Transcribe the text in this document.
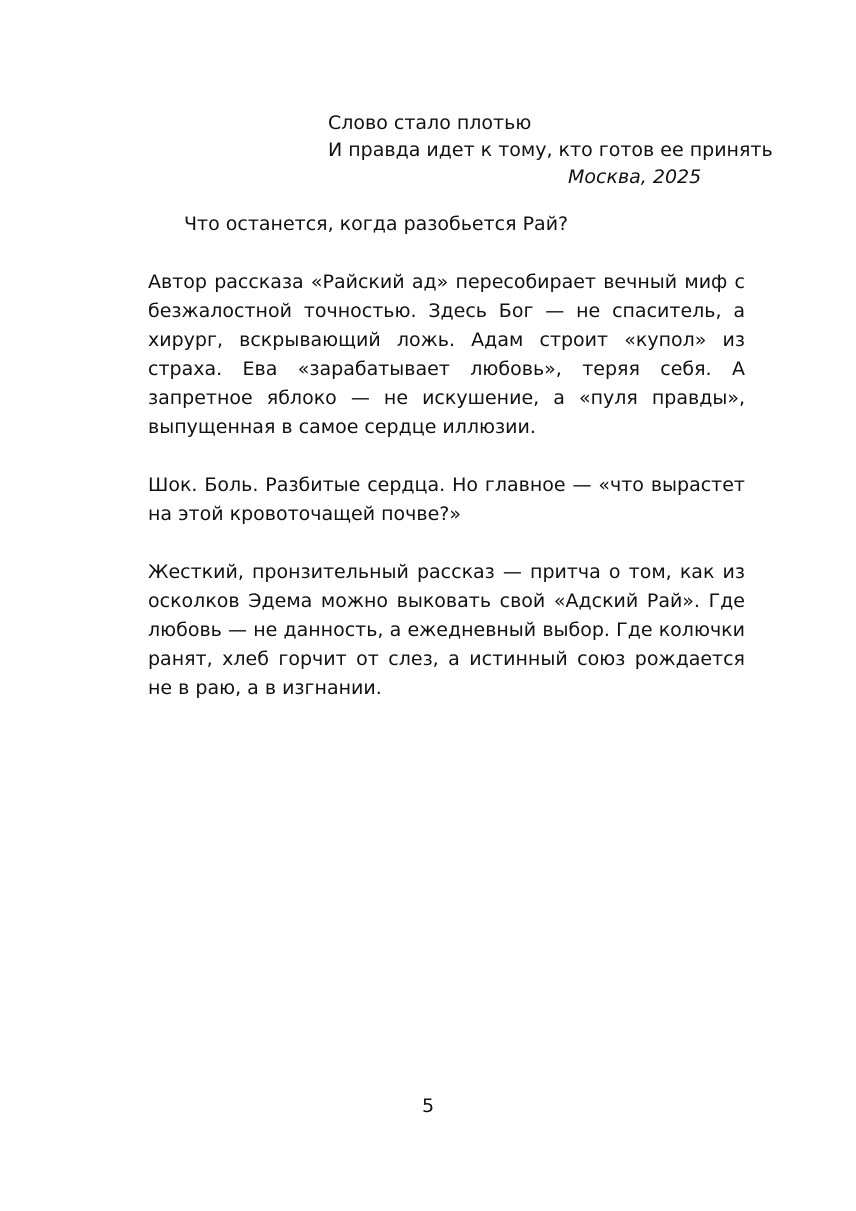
Слово стало плотью
И правда идет к тому, кто готов ее принять
Москва, 2025

Что останется, когда разобьется Рай?

Автор рассказа «Райский ад» пересобирает вечный миф с безжалостной точностью. Здесь Бог — не спаситель, а хирург, вскрывающий ложь. Адам строит «купол» из страха. Ева «зарабатывает любовь», теряя себя. А запретное яблоко — не искушение, а «пуля правды», выпущенная в самое сердце иллюзии.

Шок. Боль. Разбитые сердца. Но главное — «что вырастет на этой кровоточащей почве?»

Жесткий, пронзительный рассказ — притча о том, как из осколков Эдема можно выковать свой «Адский Рай». Где любовь — не данность, а ежедневный выбор. Где колючки ранят, хлеб горчит от слез, а истинный союз рождается не в раю, а в изгнании.

5
